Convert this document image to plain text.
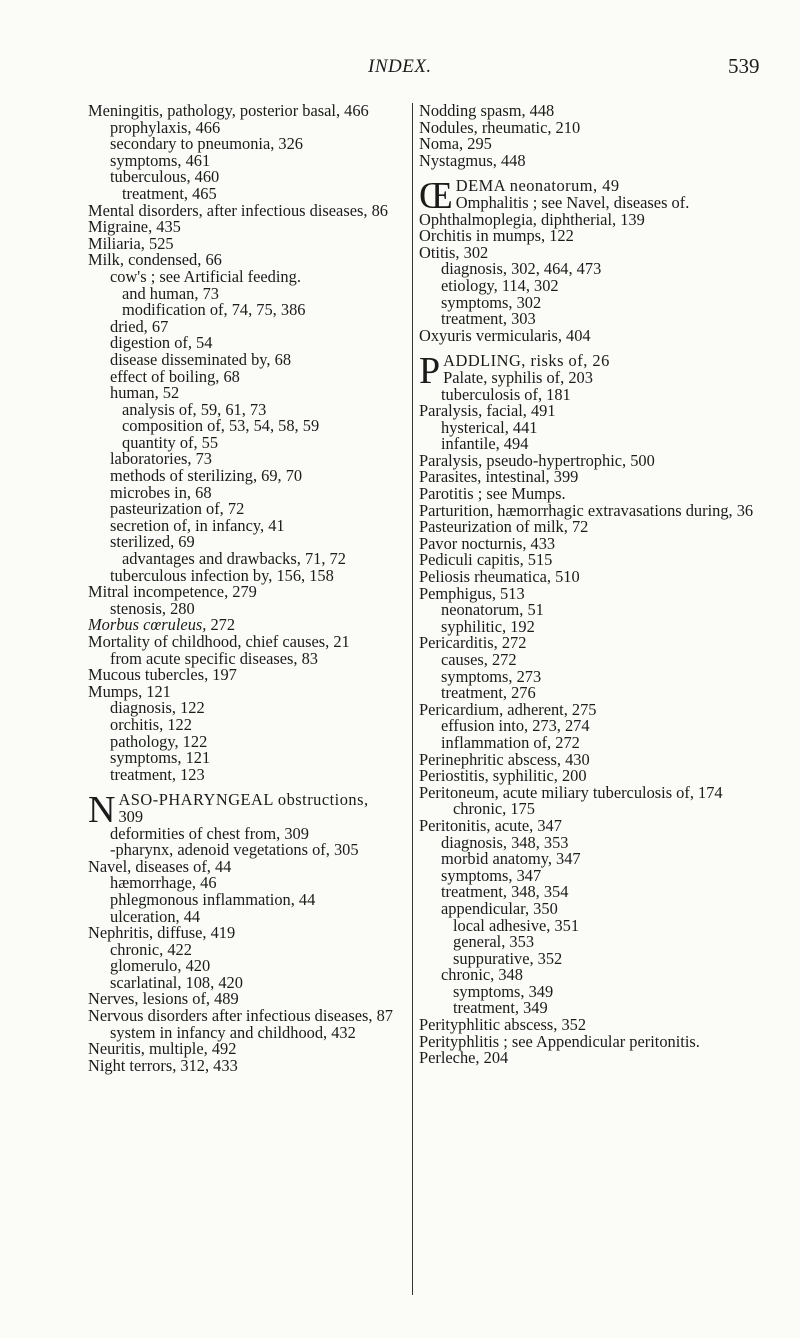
INDEX.	539
Meningitis, pathology, posterior basal, 466
prophylaxis, 466
secondary to pneumonia, 326
symptoms, 461
tuberculous, 460
treatment, 465
Mental disorders, after infectious diseases, 86
Migraine, 435
Miliaria, 525
Milk, condensed, 66
cow's ; see Artificial feeding.
and human, 73
modification of, 74, 75, 386
dried, 67
digestion of, 54
disease disseminated by, 68
effect of boiling, 68
human, 52
analysis of, 59, 61, 73
composition of, 53, 54, 58, 59
quantity of, 55
laboratories, 73
methods of sterilizing, 69, 70
microbes in, 68
pasteurization of, 72
secretion of, in infancy, 41
sterilized, 69
advantages and drawbacks, 71, 72
tuberculous infection by, 156, 158
Mitral incompetence, 279
stenosis, 280
Morbus cœruleus, 272
Mortality of childhood, chief causes, 21
from acute specific diseases, 83
Mucous tubercles, 197
Mumps, 121
diagnosis, 122
orchitis, 122
pathology, 122
symptoms, 121
treatment, 123
N ASO-PHARYNGEAL obstructions,
309
deformities of chest from, 309
-pharynx, adenoid vegetations of, 305
Navel, diseases of, 44
hæmorrhage, 46
phlegmonous inflammation, 44
ulceration, 44
Nephritis, diffuse, 419
chronic, 422
glomerulo, 420
scarlatinal, 108, 420
Nerves, lesions of, 489
Nervous disorders after infectious diseases, 87
system in infancy and childhood, 432
Neuritis, multiple, 492
Night terrors, 312, 433
Nodding spasm, 448
Nodules, rheumatic, 210
Noma, 295
Nystagmus, 448
Œ DEMA neonatorum, 49
Omphalitis ; see Navel, diseases of.
Ophthalmoplegia, diphtherial, 139
Orchitis in mumps, 122
Otitis, 302
diagnosis, 302, 464, 473
etiology, 114, 302
symptoms, 302
treatment, 303
Oxyuris vermicularis, 404
P ADDLING, risks of, 26
Palate, syphilis of, 203
tuberculosis of, 181
Paralysis, facial, 491
hysterical, 441
infantile, 494
Paralysis, pseudo-hypertrophic, 500
Parasites, intestinal, 399
Parotitis ; see Mumps.
Parturition, hæmorrhagic extravasations during, 36
Pasteurization of milk, 72
Pavor nocturnis, 433
Pediculi capitis, 515
Peliosis rheumatica, 510
Pemphigus, 513
neonatorum, 51
syphilitic, 192
Pericarditis, 272
causes, 272
symptoms, 273
treatment, 276
Pericardium, adherent, 275
effusion into, 273, 274
inflammation of, 272
Perinephritic abscess, 430
Periostitis, syphilitic, 200
Peritoneum, acute miliary tuberculosis of, 174
chronic, 175
Peritonitis, acute, 347
diagnosis, 348, 353
morbid anatomy, 347
symptoms, 347
treatment, 348, 354
appendicular, 350
local adhesive, 351
general, 353
suppurative, 352
chronic, 348
symptoms, 349
treatment, 349
Perityphlitic abscess, 352
Perityphlitis ; see Appendicular peritonitis.
Perleche, 204
